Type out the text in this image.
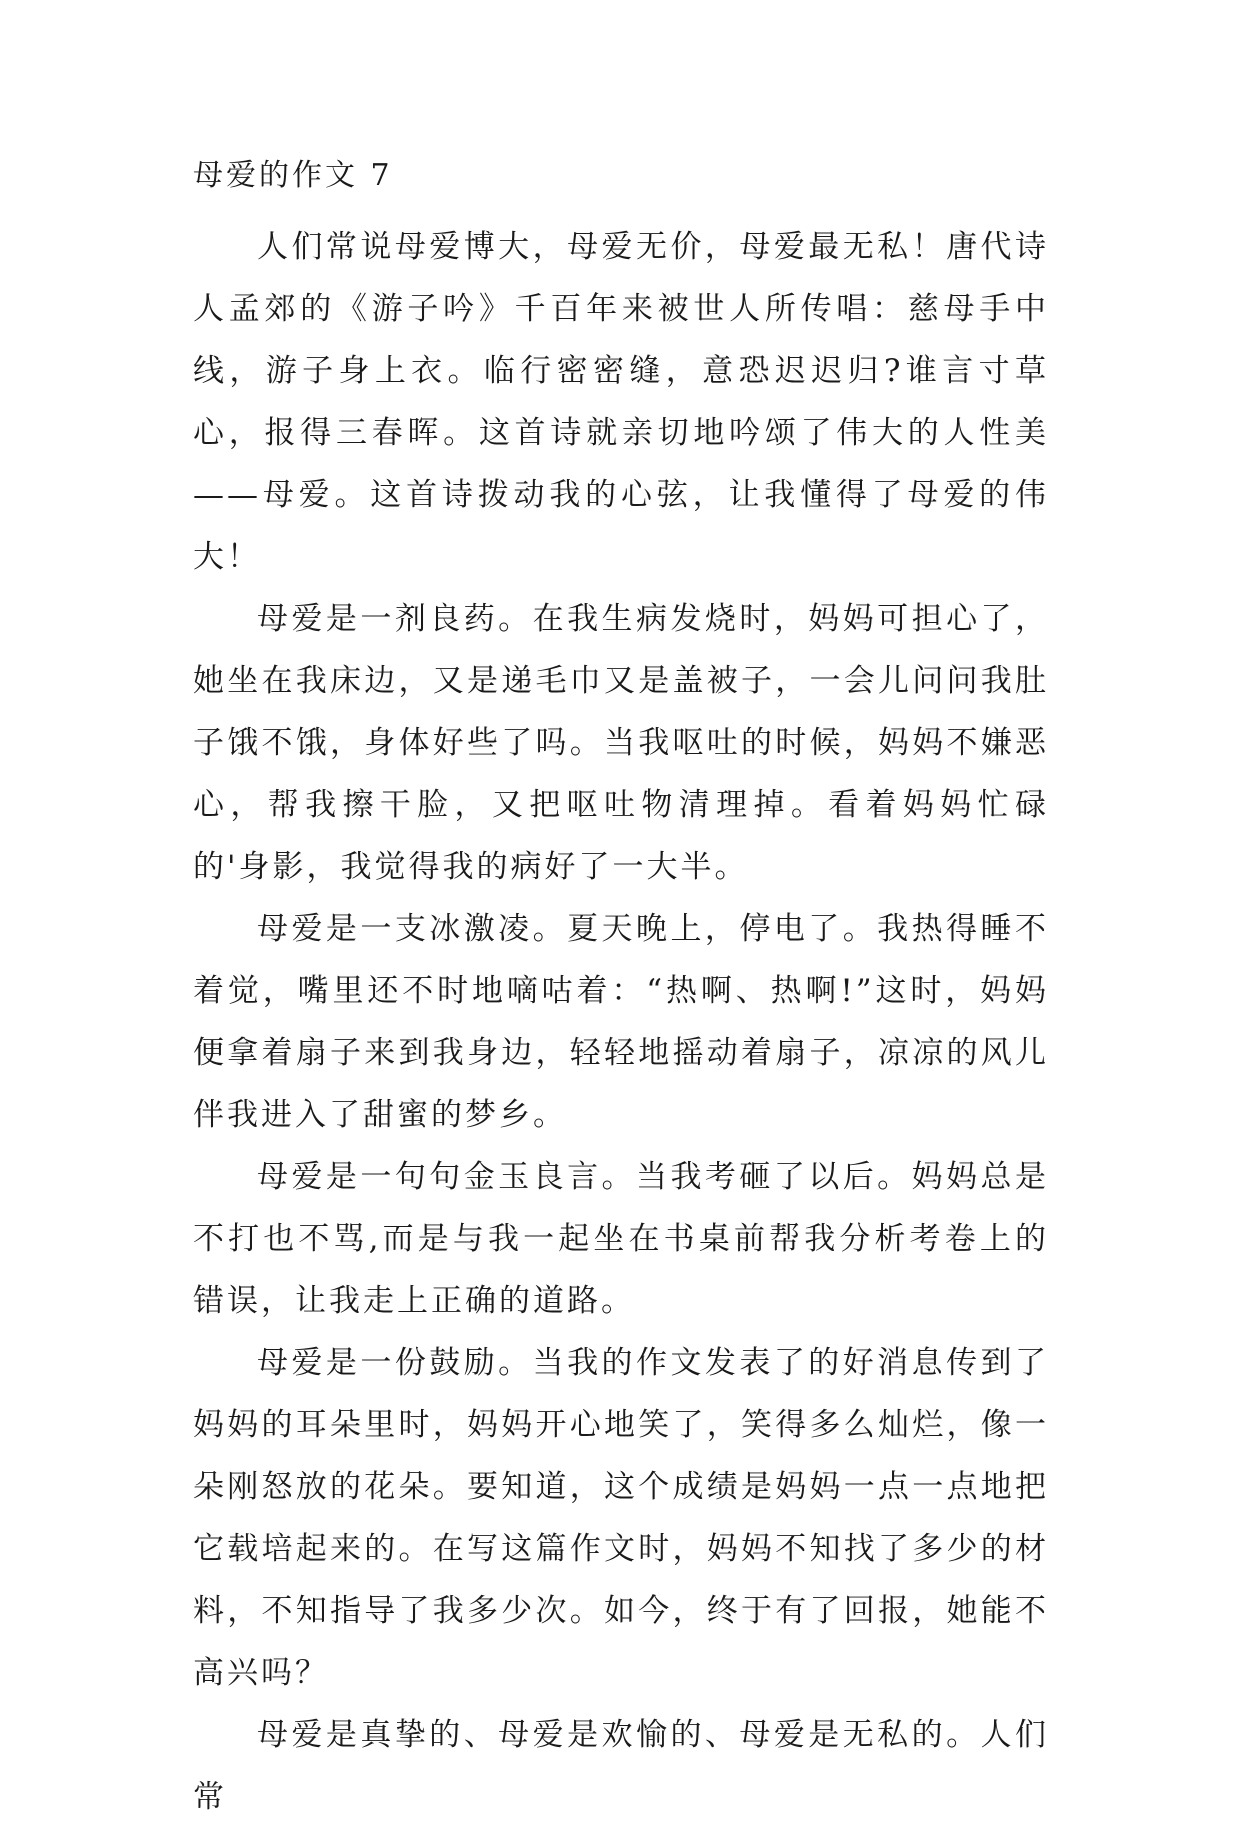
母爱的作文 7

人们常说母爱博大，母爱无价，母爱最无私！唐代诗人孟郊的《游子吟》千百年来被世人所传唱：慈母手中线，游子身上衣。临行密密缝，意恐迟迟归?谁言寸草心，报得三春晖。这首诗就亲切地吟颂了伟大的人性美——母爱。这首诗拨动我的心弦，让我懂得了母爱的伟大！

母爱是一剂良药。在我生病发烧时，妈妈可担心了，她坐在我床边，又是递毛巾又是盖被子，一会儿问问我肚子饿不饿，身体好些了吗。当我呕吐的时候，妈妈不嫌恶心，帮我擦干脸，又把呕吐物清理掉。看着妈妈忙碌的'身影，我觉得我的病好了一大半。

母爱是一支冰激凌。夏天晚上，停电了。我热得睡不着觉，嘴里还不时地嘀咕着：“热啊、热啊!”这时，妈妈便拿着扇子来到我身边，轻轻地摇动着扇子，凉凉的风儿伴我进入了甜蜜的梦乡。

母爱是一句句金玉良言。当我考砸了以后。妈妈总是不打也不骂,而是与我一起坐在书桌前帮我分析考卷上的错误，让我走上正确的道路。

母爱是一份鼓励。当我的作文发表了的好消息传到了妈妈的耳朵里时，妈妈开心地笑了，笑得多么灿烂，像一朵刚怒放的花朵。要知道，这个成绩是妈妈一点一点地把它载培起来的。在写这篇作文时，妈妈不知找了多少的材料，不知指导了我多少次。如今，终于有了回报，她能不高兴吗？

母爱是真挚的、母爱是欢愉的、母爱是无私的。人们常
